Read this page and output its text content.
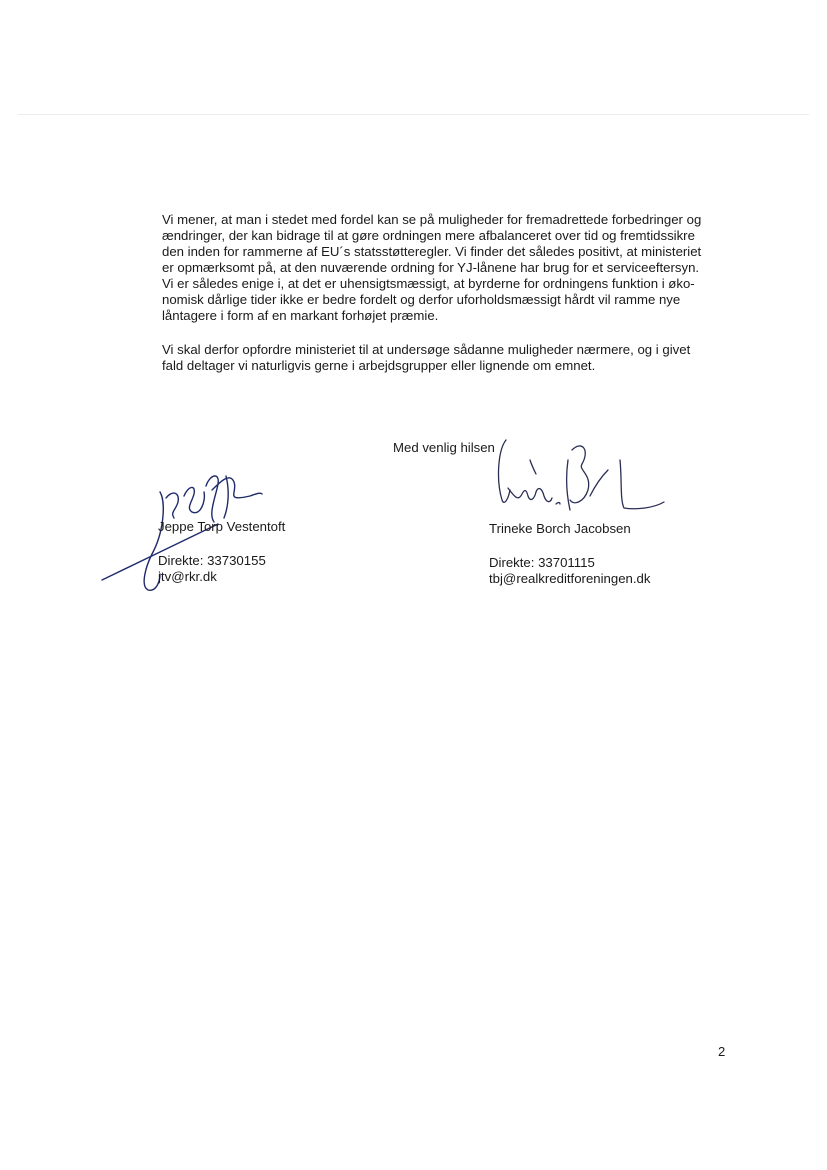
Vi mener, at man i stedet med fordel kan se på muligheder for fremadrettede forbedringer og
ændringer, der kan bidrage til at gøre ordningen mere afbalanceret over tid og fremtidssikre
den inden for rammerne af EU´s statsstøtteregler. Vi finder det således positivt, at ministeriet
er opmærksomt på, at den nuværende ordning for YJ-lånene har brug for et serviceeftersyn.
Vi er således enige i, at det er uhensigtsmæssigt, at byrderne for ordningens funktion i øko-
nomisk dårlige tider ikke er bedre fordelt og derfor uforholdsmæssigt hårdt vil ramme nye
låntagere i form af en markant forhøjet præmie.

Vi skal derfor opfordre ministeriet til at undersøge sådanne muligheder nærmere, og i givet
fald deltager vi naturligvis gerne i arbejdsgrupper eller lignende om emnet.

Med venlig hilsen
Jeppe Torp Vestentoft
Direkte: 33730155
jtv@rkr.dk
Trineke Borch Jacobsen
Direkte: 33701115
tbj@realkreditforeningen.dk
2
